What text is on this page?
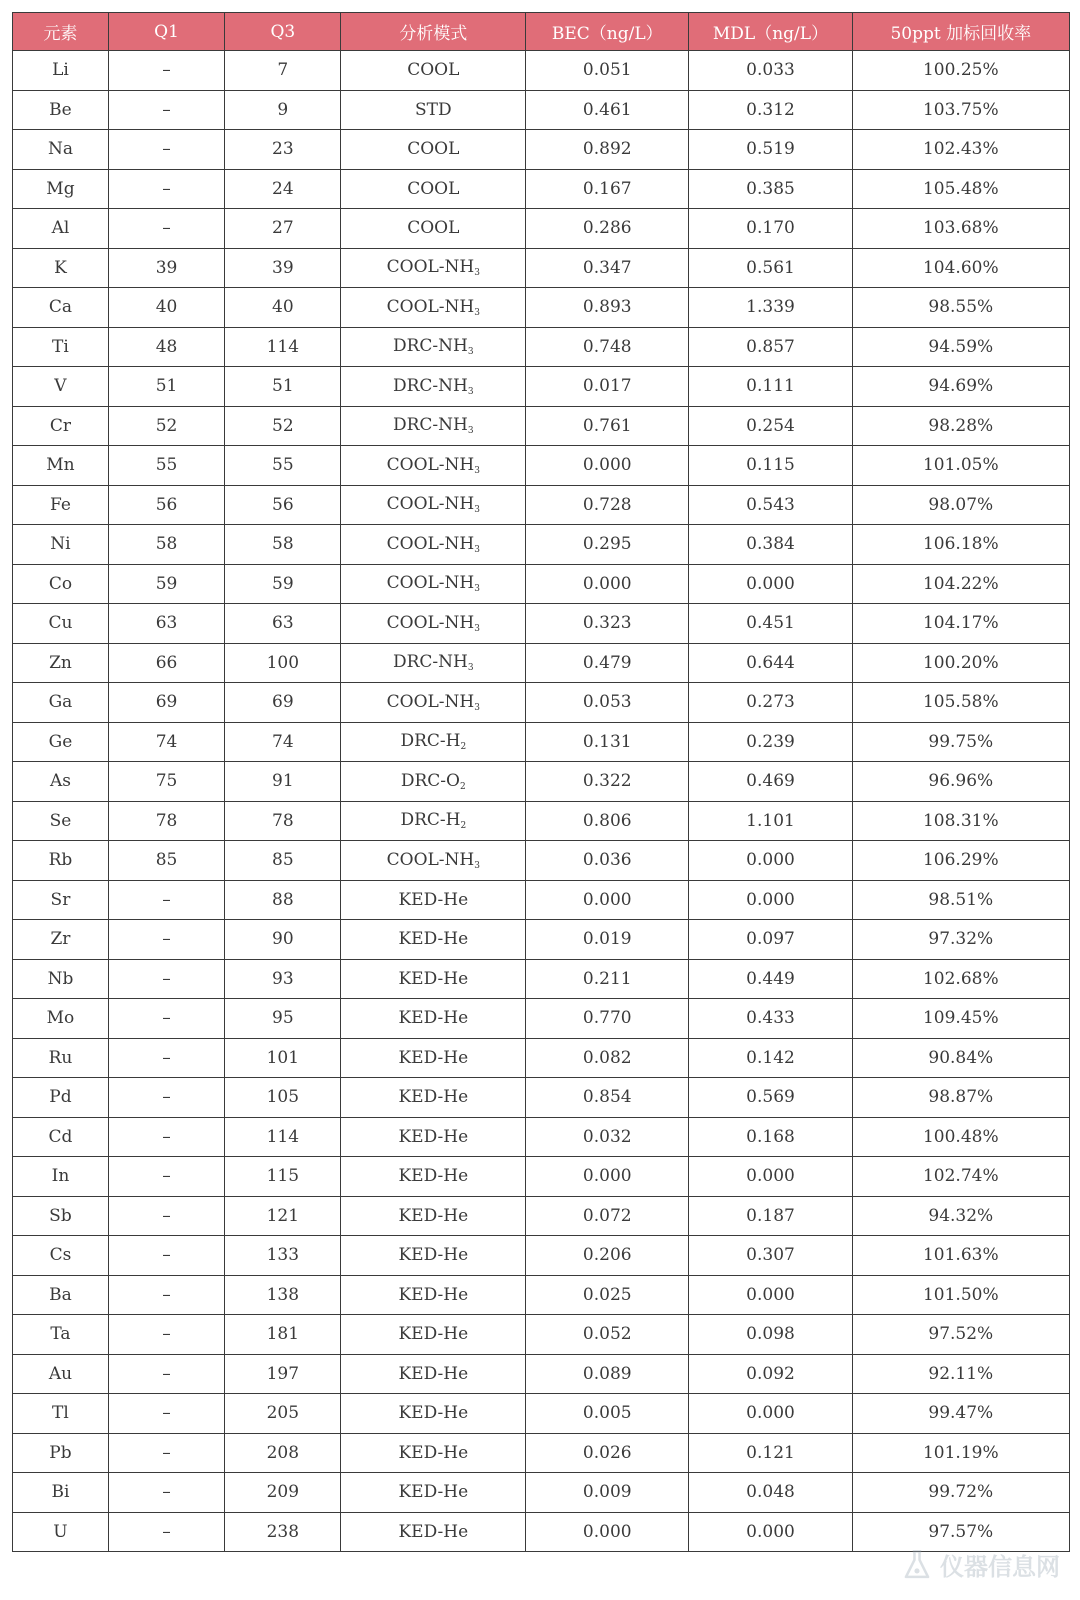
元素	Q1	Q3	分析模式	BEC（ng/L）	MDL（ng/L）	50ppt 加标回收率
Li	–	7	COOL	0.051	0.033	100.25%
Be	–	9	STD	0.461	0.312	103.75%
Na	–	23	COOL	0.892	0.519	102.43%
Mg	–	24	COOL	0.167	0.385	105.48%
Al	–	27	COOL	0.286	0.170	103.68%
K	39	39	COOL-$NH_3$	0.347	0.561	104.60%
Ca	40	40	COOL-$NH_3$	0.893	1.339	98.55%
Ti	48	114	DRC-$NH_3$	0.748	0.857	94.59%
V	51	51	DRC-$NH_3$	0.017	0.111	94.69%
Cr	52	52	DRC-$NH_3$	0.761	0.254	98.28%
Mn	55	55	COOL-$NH_3$	0.000	0.115	101.05%
Fe	56	56	COOL-$NH_3$	0.728	0.543	98.07%
Ni	58	58	COOL-$NH_3$	0.295	0.384	106.18%
Co	59	59	COOL-$NH_3$	0.000	0.000	104.22%
Cu	63	63	COOL-$NH_3$	0.323	0.451	104.17%
Zn	66	100	DRC-$NH_3$	0.479	0.644	100.20%
Ga	69	69	COOL-$NH_3$	0.053	0.273	105.58%
Ge	74	74	DRC-$H_2$	0.131	0.239	99.75%
As	75	91	DRC-$O_2$	0.322	0.469	96.96%
Se	78	78	DRC-$H_2$	0.806	1.101	108.31%
Rb	85	85	COOL-$NH_3$	0.036	0.000	106.29%
Sr	–	88	KED-He	0.000	0.000	98.51%
Zr	–	90	KED-He	0.019	0.097	97.32%
Nb	–	93	KED-He	0.211	0.449	102.68%
Mo	–	95	KED-He	0.770	0.433	109.45%
Ru	–	101	KED-He	0.082	0.142	90.84%
Pd	–	105	KED-He	0.854	0.569	98.87%
Cd	–	114	KED-He	0.032	0.168	100.48%
In	–	115	KED-He	0.000	0.000	102.74%
Sb	–	121	KED-He	0.072	0.187	94.32%
Cs	–	133	KED-He	0.206	0.307	101.63%
Ba	–	138	KED-He	0.025	0.000	101.50%
Ta	–	181	KED-He	0.052	0.098	97.52%
Au	–	197	KED-He	0.089	0.092	92.11%
Tl	–	205	KED-He	0.005	0.000	99.47%
Pb	–	208	KED-He	0.026	0.121	101.19%
Bi	–	209	KED-He	0.009	0.048	99.72%
U	–	238	KED-He	0.000	0.000	97.57%
仪器信息网
